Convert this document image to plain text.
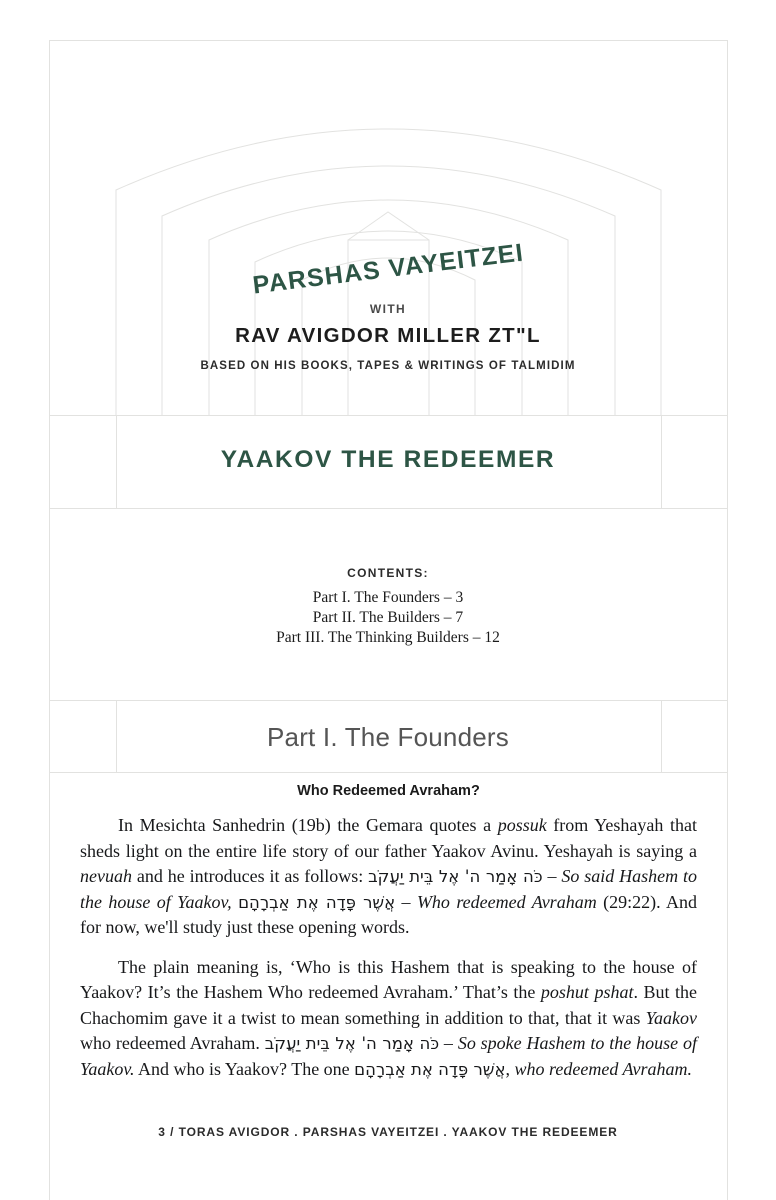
PARSHAS VAYEITZEI
WITH
RAV AVIGDOR MILLER ZT"L
BASED ON HIS BOOKS, TAPES & WRITINGS OF TALMIDIM
YAAKOV THE REDEEMER
CONTENTS:
Part I. The Founders – 3
Part II. The Builders – 7
Part III. The Thinking Builders – 12
Part I. The Founders
Who Redeemed Avraham?

In Mesichta Sanhedrin (19b) the Gemara quotes a possuk from Yeshayah that sheds light on the entire life story of our father Yaakov Avinu. Yeshayah is saying a nevuah and he introduces it as follows: כֹּה אָמַר ה' אֶל בֵּית יַעֲקֹב – So said Hashem to the house of Yaakov, אֲשֶׁר פָּדָה אֶת אַבְרָהָם – Who redeemed Avraham (29:22). And for now, we'll study just these opening words.

The plain meaning is, ‘Who is this Hashem that is speaking to the house of Yaakov? It’s the Hashem Who redeemed Avraham.’ That’s the poshut pshat. But the Chachomim gave it a twist to mean something in addition to that, that it was Yaakov who redeemed Avraham. כֹּה אָמַר ה' אֶל בֵּית יַעֲקֹב – So spoke Hashem to the house of Yaakov. And who is Yaakov? The one אֲשֶׁר פָּדָה אֶת אַבְרָהָם, who redeemed Avraham.

3 / TORAS AVIGDOR . PARSHAS VAYEITZEI . YAAKOV THE REDEEMER
